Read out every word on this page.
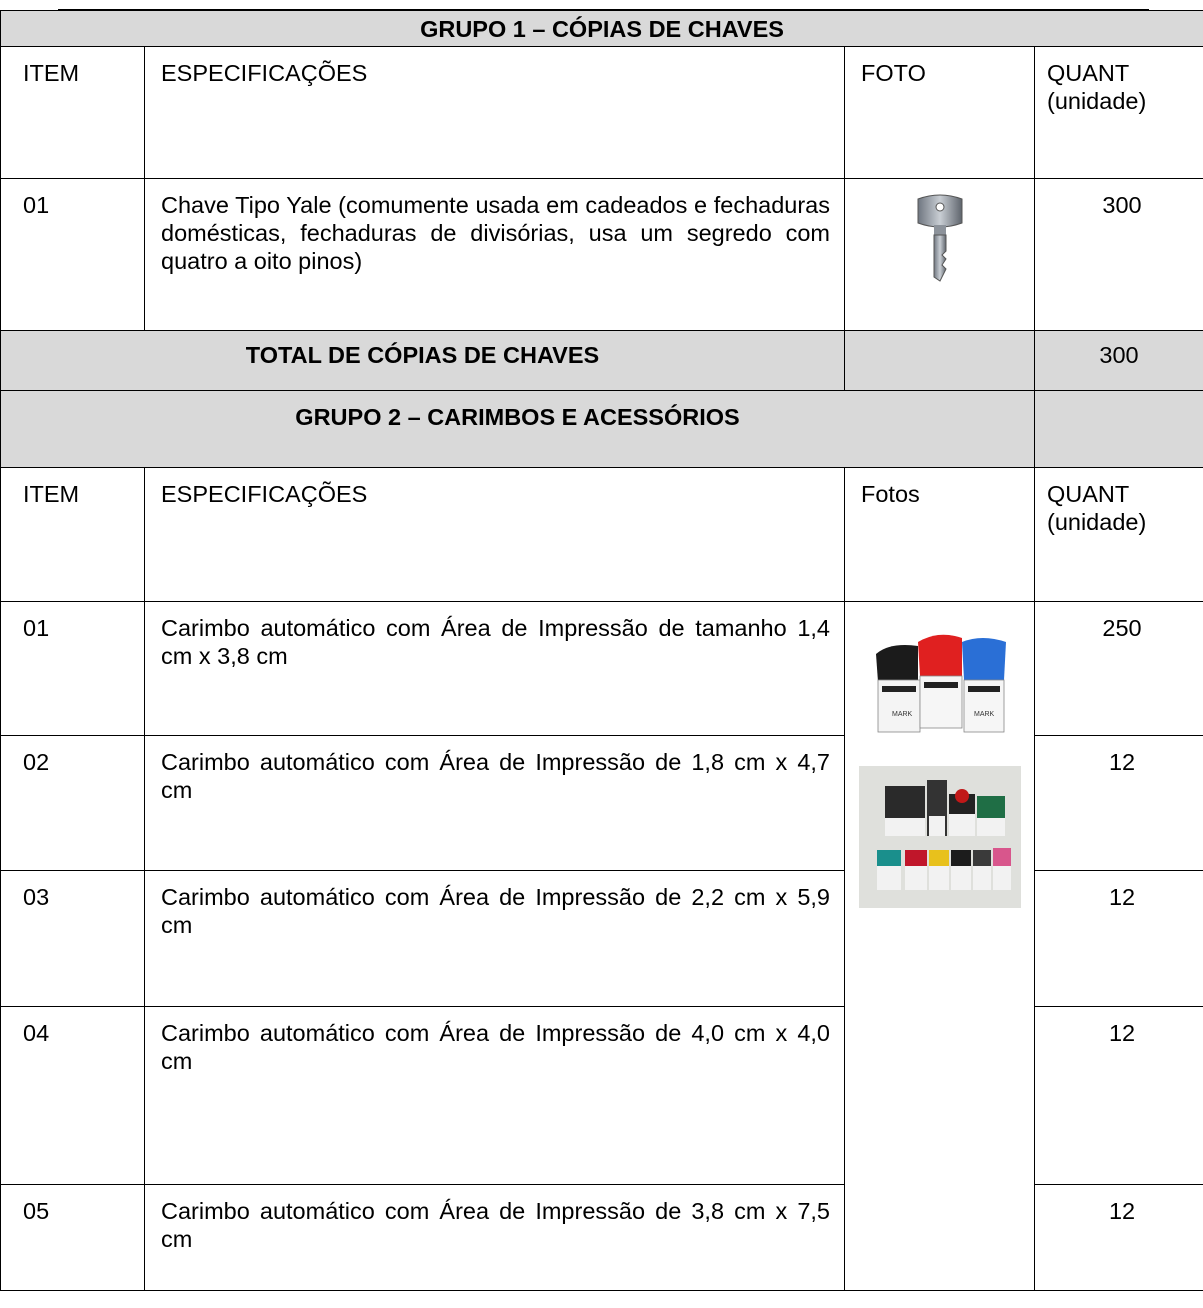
GRUPO 1 – CÓPIAS DE CHAVES			
ITEM	ESPECIFICAÇÕES	FOTO	QUANT (unidade)
01	Chave Tipo Yale (comumente usada em cadeados e fechaduras domésticas, fechaduras de divisórias, usa um segredo com quatro a oito pinos)		300
TOTAL DE CÓPIAS DE CHAVES			300
GRUPO 2 – CARIMBOS E ACESSÓRIOS			
ITEM	ESPECIFICAÇÕES	Fotos	QUANT (unidade)
01	Carimbo automático com Área de Impressão de tamanho 1,4 cm x 3,8 cm	MARK MARK	250
02	Carimbo automático com Área de Impressão de 1,8 cm x 4,7 cm		12
03	Carimbo automático com Área de Impressão de 2,2 cm x 5,9 cm		12
04	Carimbo automático com Área de Impressão de 4,0 cm x 4,0 cm		12
05	Carimbo automático com Área de Impressão de 3,8 cm x 7,5 cm		12
